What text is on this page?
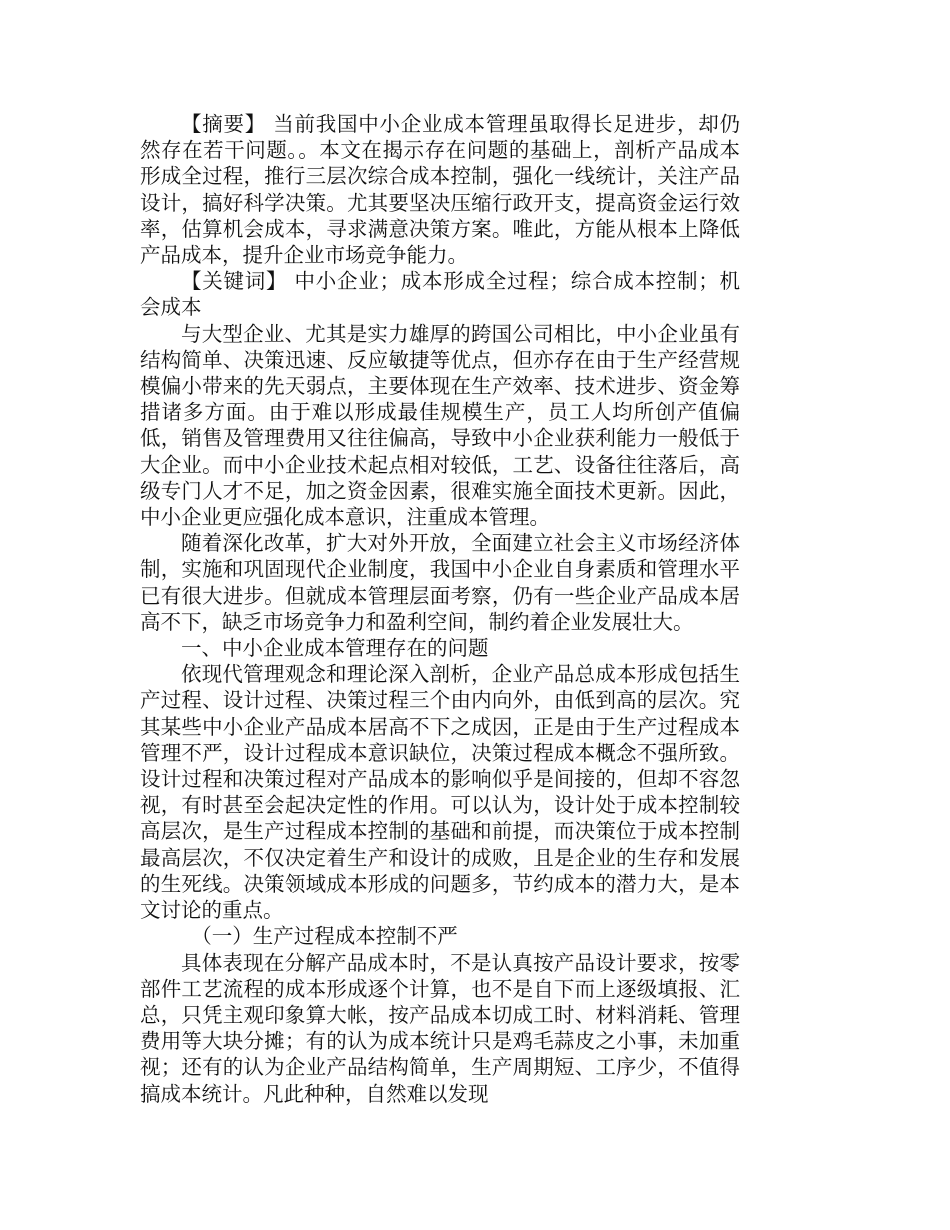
【摘要】 当前我国中小企业成本管理虽取得长足进步，却仍然存在若干问题。。本文在揭示存在问题的基础上，剖析产品成本形成全过程，推行三层次综合成本控制，强化一线统计，关注产品设计，搞好科学决策。尤其要坚决压缩行政开支，提高资金运行效率，估算机会成本，寻求满意决策方案。唯此，方能从根本上降低产品成本，提升企业市场竞争能力。

【关键词】 中小企业；成本形成全过程；综合成本控制；机会成本

与大型企业、尤其是实力雄厚的跨国公司相比，中小企业虽有结构简单、决策迅速、反应敏捷等优点，但亦存在由于生产经营规模偏小带来的先天弱点，主要体现在生产效率、技术进步、资金筹措诸多方面。由于难以形成最佳规模生产，员工人均所创产值偏低，销售及管理费用又往往偏高，导致中小企业获利能力一般低于大企业。而中小企业技术起点相对较低，工艺、设备往往落后，高级专门人才不足，加之资金因素，很难实施全面技术更新。因此，中小企业更应强化成本意识，注重成本管理。

随着深化改革，扩大对外开放，全面建立社会主义市场经济体制，实施和巩固现代企业制度，我国中小企业自身素质和管理水平已有很大进步。但就成本管理层面考察，仍有一些企业产品成本居高不下，缺乏市场竞争力和盈利空间，制约着企业发展壮大。

一、中小企业成本管理存在的问题

依现代管理观念和理论深入剖析，企业产品总成本形成包括生产过程、设计过程、决策过程三个由内向外，由低到高的层次。究其某些中小企业产品成本居高不下之成因，正是由于生产过程成本管理不严，设计过程成本意识缺位，决策过程成本概念不强所致。设计过程和决策过程对产品成本的影响似乎是间接的，但却不容忽视，有时甚至会起决定性的作用。可以认为，设计处于成本控制较高层次，是生产过程成本控制的基础和前提，而决策位于成本控制最高层次，不仅决定着生产和设计的成败，且是企业的生存和发展的生死线。决策领域成本形成的问题多，节约成本的潜力大，是本文讨论的重点。

（一）生产过程成本控制不严

具体表现在分解产品成本时，不是认真按产品设计要求，按零部件工艺流程的成本形成逐个计算，也不是自下而上逐级填报、汇总，只凭主观印象算大帐，按产品成本切成工时、材料消耗、管理费用等大块分摊；有的认为成本统计只是鸡毛蒜皮之小事，未加重视；还有的认为企业产品结构简单，生产周期短、工序少，不值得搞成本统计。凡此种种，自然难以发现
